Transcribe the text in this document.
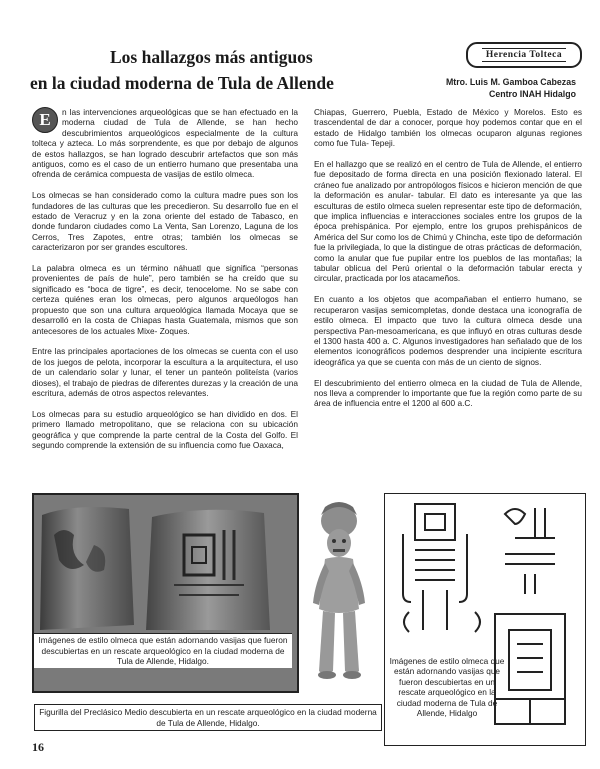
Los hallazgos más antiguos
en la ciudad moderna de Tula de Allende
Herencia Tolteca
Mtro. Luis M. Gamboa Cabezas
Centro INAH Hidalgo

E	n las intervenciones arqueológicas que se han efectuado en la moderna ciudad de Tula de Allende, se han hecho descubrimientos arqueológicos especialmente de la cultura tolteca y azteca. Lo más sorprendente, es que por debajo de algunos de estos hallazgos, se han logrado descubrir artefactos que son más antiguos, como es el caso de un entierro humano que presentaba una ofrenda de cerámica compuesta de vasijas de estilo olmeca.

Los olmecas se han considerado como la cultura madre pues son los fundadores de las culturas que les precedieron. Su desarrollo fue en el estado de Veracruz y en la zona oriente del estado de Tabasco, en donde fundaron ciudades como La Venta, San Lorenzo, Laguna de los Cerros, Tres Zapotes, entre otras; también los olmecas se caracterizaron por ser grandes escultores.

La palabra olmeca es un término náhuatl que significa “personas provenientes de país de hule”, pero también se ha creído que su significado es “boca de tigre”, es decir, tenocelome. No se sabe con certeza quiénes eran los olmecas, pero algunos arqueólogos han propuesto que son una cultura arqueológica llamada Mocaya que se desarrolló en la costa de Chiapas hasta Guatemala, mismos que son antecesores de los actuales Mixe- Zoques.

Entre las principales aportaciones de los olmecas se cuenta con el uso de los juegos de pelota, incorporar la escultura a la arquitectura, el uso de un calendario solar y lunar, el tener un panteón politeísta (varios dioses), el trabajo de piedras de diferentes durezas y la creación de una escritura, además de otros aspectos relevantes.

Los olmecas para su estudio arqueológico se han dividido en dos. El primero llamado metropolitano, que se relaciona con su ubicación geográfica y que comprende la parte central de la Costa del Golfo. El segundo comprende la extensión de su influencia como fue Oaxaca,

Chiapas, Guerrero, Puebla, Estado de México y Morelos. Esto es trascendental de dar a conocer, porque hoy podemos contar que en el estado de Hidalgo también los olmecas ocuparon algunas regiones como fue Tula- Tepeji.

En el hallazgo que se realizó en el centro de Tula de Allende, el entierro fue depositado de forma directa en una posición flexionado lateral. El cráneo fue analizado por antropólogos físicos e hicieron mención de que la deformación es anular- tabular. El dato es interesante ya que las esculturas de estilo olmeca suelen representar este tipo de deformación, que implica influencias e interacciones sociales entre los grupos de la época prehispánica. Por ejemplo, entre los grupos prehispánicos de América del Sur como los de Chimú y Chincha, este tipo de deformación fue la privilegiada, lo que la distingue de otras prácticas de deformación, como la anular que fue pupilar entre los pueblos de las montañas; la tabular oblicua del Perú oriental o la deformación tabular erecta y circular, practicada por los atacameños.

En cuanto a los objetos que acompañaban el entierro humano, se recuperaron vasijas semicompletas, donde destaca una iconografía de estilo olmeca. El impacto que tuvo la cultura olmeca desde una perspectiva Pan-mesoamericana, es que influyó en otras culturas desde el 1300 hasta 400 a. C. Algunos investigadores han señalado que de los elementos iconográficos podemos desprender una incipiente escritura ideográfica ya que se cuenta con más de un ciento de signos.

El descubrimiento del entierro olmeca en la ciudad de Tula de Allende, nos lleva a comprender lo importante que fue la región como parte de su área de influencia entre el 1200 al 600 a.C.

Imágenes de estilo olmeca que están adornando vasijas que fueron descubiertas en un rescate arqueológico en la ciudad moderna de Tula de Allende, Hidalgo.
Figurilla del Preclásico Medio descubierta en un rescate arqueológico en la ciudad moderna de Tula de Allende, Hidalgo.
Imágenes de estilo olmeca que están adornando vasijas que fueron descubiertas en un rescate arqueológico en la ciudad moderna de Tula de Allende, Hidalgo
16
